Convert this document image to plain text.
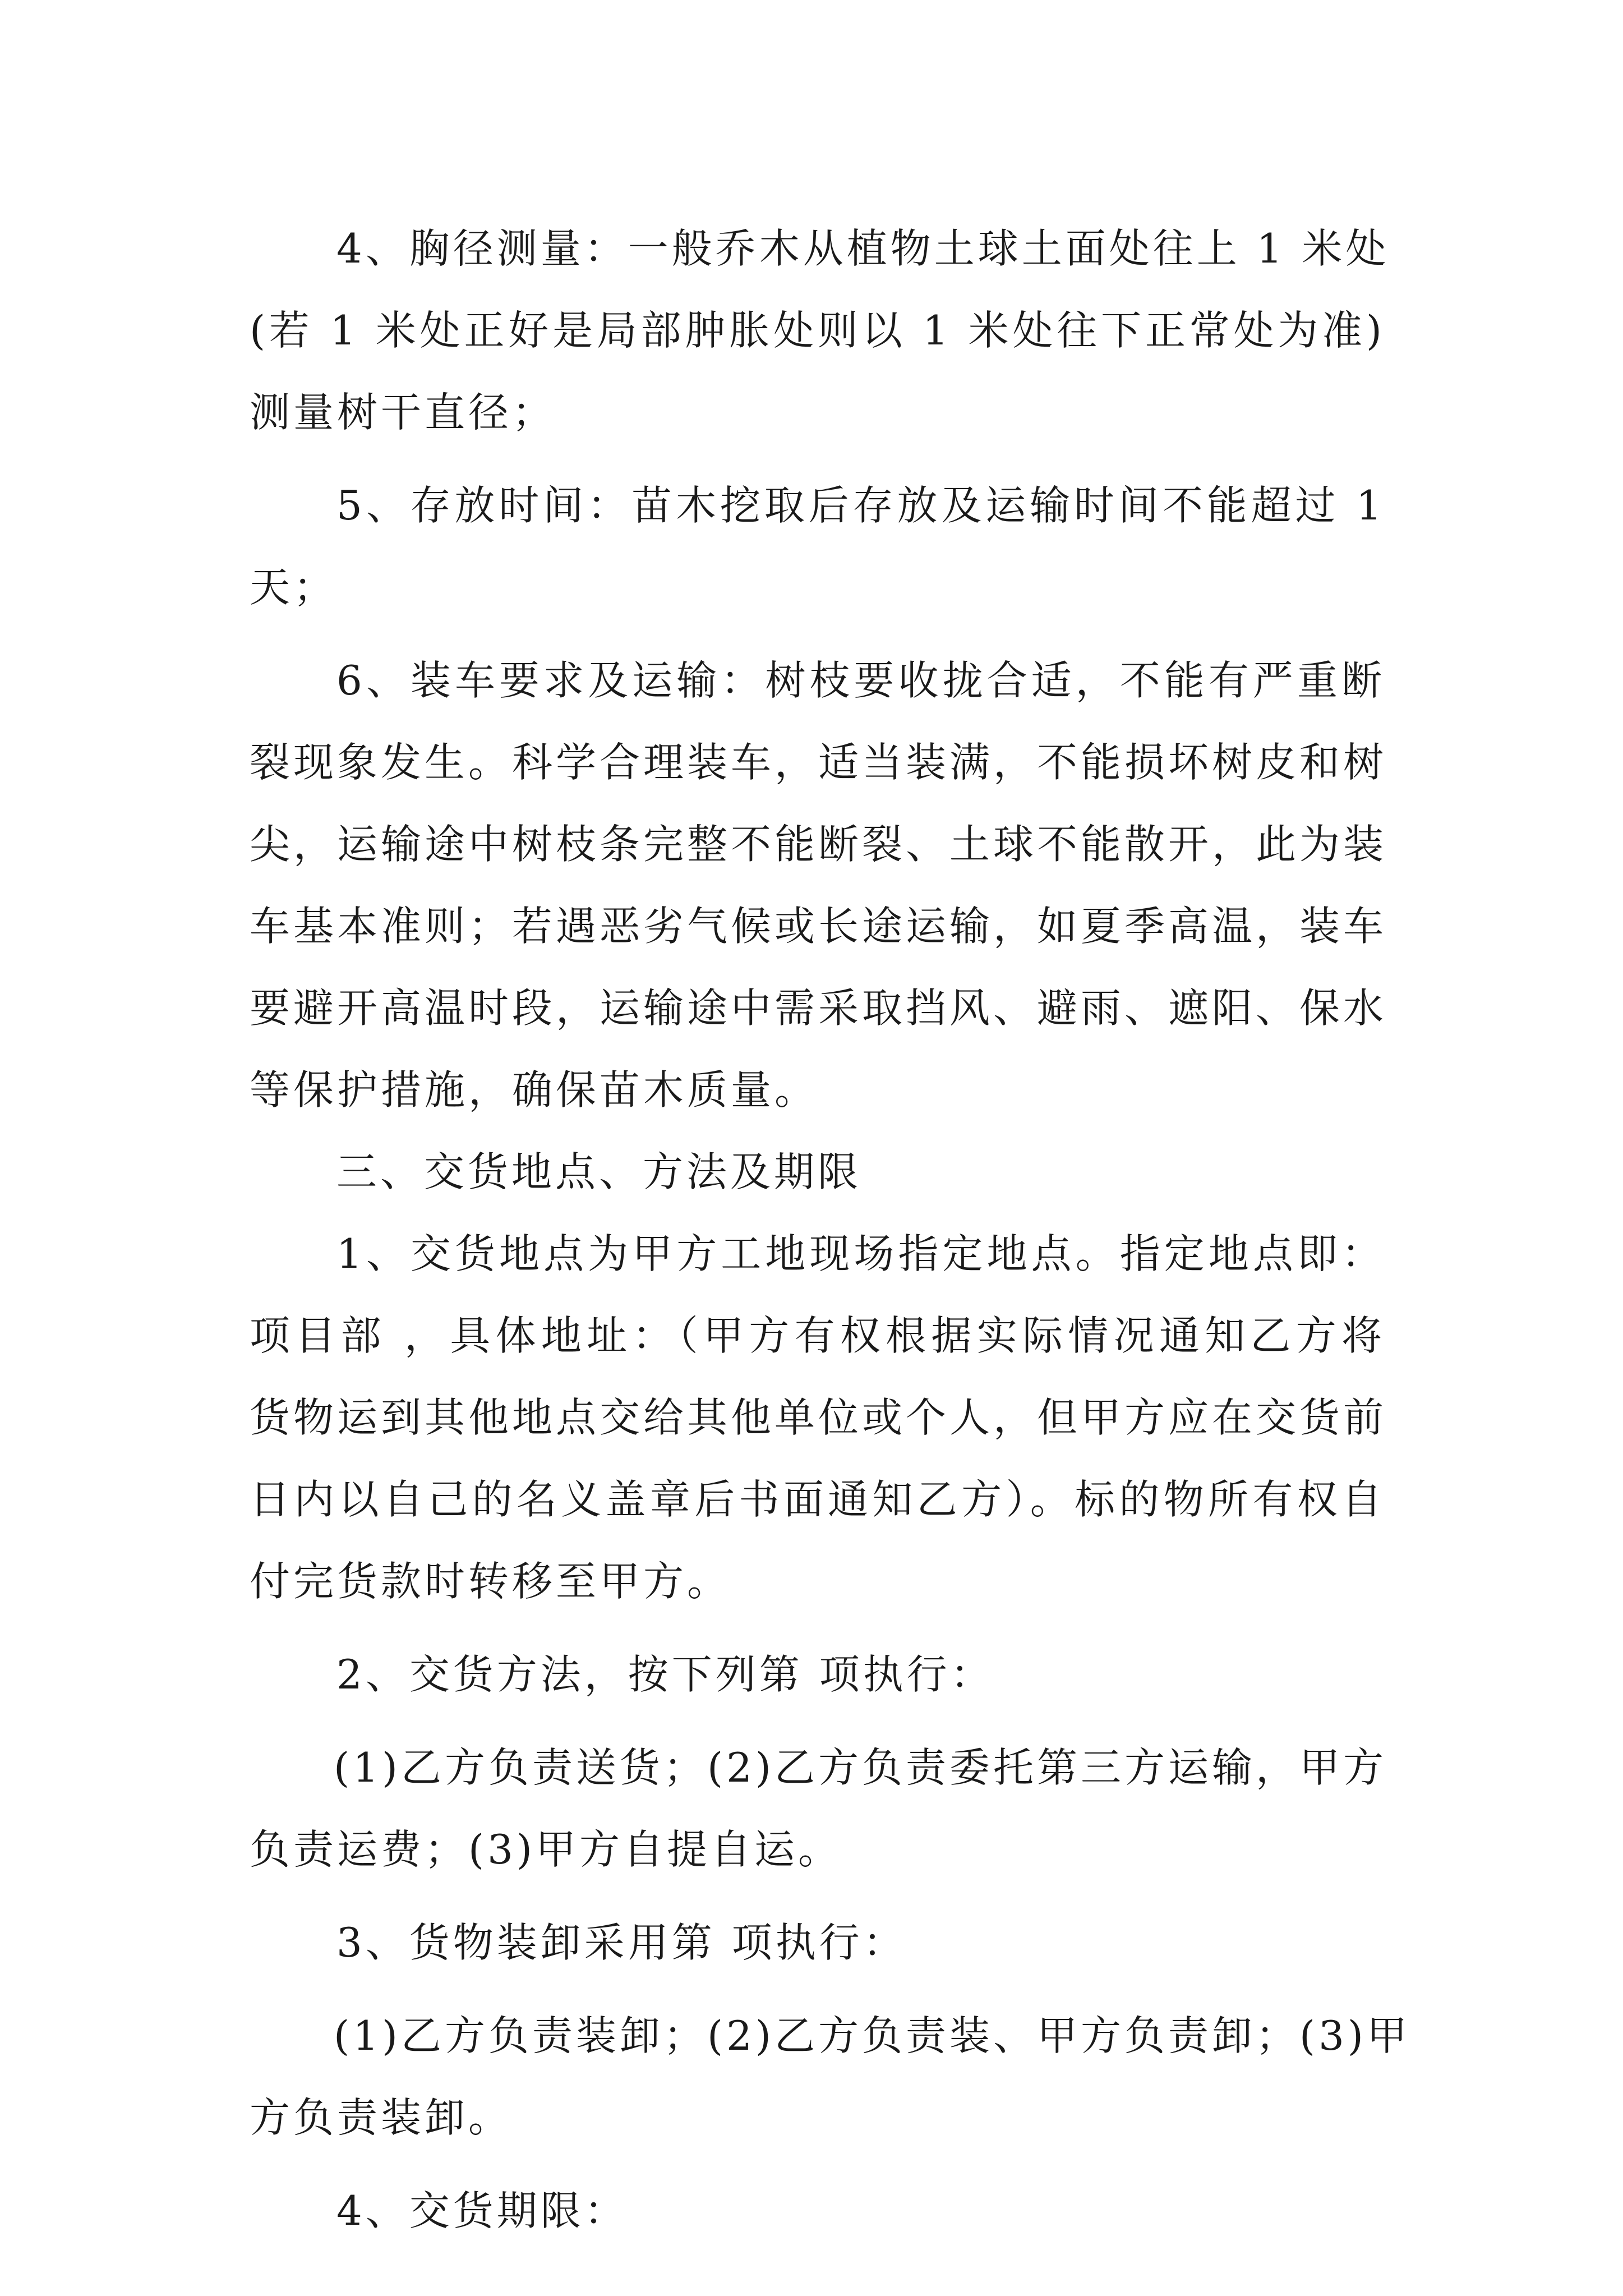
4、胸径测量：一般乔木从植物土球土面处往上 1 米处
(若 1 米处正好是局部肿胀处则以 1 米处往下正常处为准)
测量树干直径；
5、存放时间：苗木挖取后存放及运输时间不能超过 1
天；
6、装车要求及运输：树枝要收拢合适，不能有严重断
裂现象发生。科学合理装车，适当装满，不能损坏树皮和树
尖，运输途中树枝条完整不能断裂、土球不能散开，此为装
车基本准则；若遇恶劣气候或长途运输，如夏季高温，装车
要避开高温时段，运输途中需采取挡风、避雨、遮阳、保水
等保护措施，确保苗木质量。
三、交货地点、方法及期限
1、交货地点为甲方工地现场指定地点。指定地点即：
项目部 ，具体地址：（甲方有权根据实际情况通知乙方将
货物运到其他地点交给其他单位或个人，但甲方应在交货前
日内以自己的名义盖章后书面通知乙方）。标的物所有权自
付完货款时转移至甲方。
2、交货方法，按下列第 项执行：
(1)乙方负责送货；(2)乙方负责委托第三方运输，甲方
负责运费；(3)甲方自提自运。
3、货物装卸采用第 项执行：
(1)乙方负责装卸；(2)乙方负责装、甲方负责卸；(3)甲
方负责装卸。
4、交货期限：
